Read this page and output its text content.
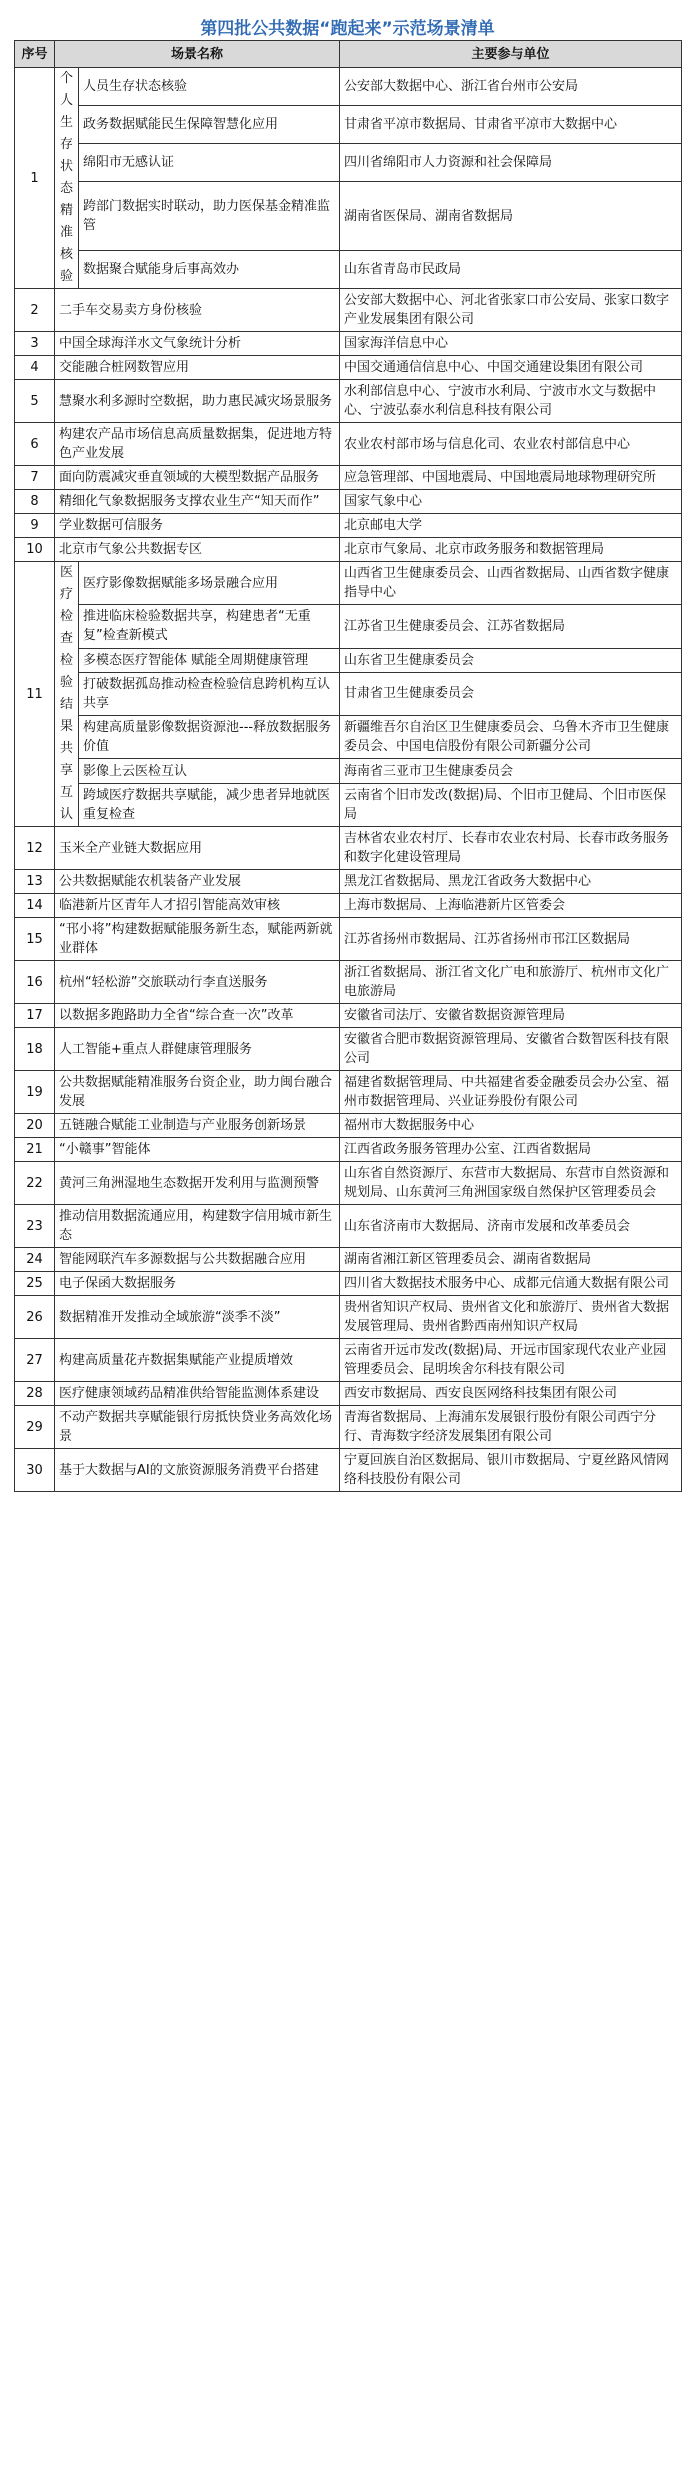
第四批公共数据“跑起来”示范场景清单
序号	场景名称		主要参与单位
1	个人生存状态精准核验	人员生存状态核验	公安部大数据中心、浙江省台州市公安局
		政务数据赋能民生保障智慧化应用	甘肃省平凉市数据局、甘肃省平凉市大数据中心
		绵阳市无感认证	四川省绵阳市人力资源和社会保障局
		跨部门数据实时联动，助力医保基金精准监管	湖南省医保局、湖南省数据局
		数据聚合赋能身后事高效办	山东省青岛市民政局
2	二手车交易卖方身份核验		公安部大数据中心、河北省张家口市公安局、张家口数字产业发展集团有限公司
3	中国全球海洋水文气象统计分析		国家海洋信息中心
4	交能融合桩网数智应用		中国交通通信信息中心、中国交通建设集团有限公司
5	慧聚水利多源时空数据，助力惠民减灾场景服务		水利部信息中心、宁波市水利局、宁波市水文与数据中心、宁波弘泰水利信息科技有限公司
6	构建农产品市场信息高质量数据集，促进地方特色产业发展		农业农村部市场与信息化司、农业农村部信息中心
7	面向防震减灾垂直领域的大模型数据产品服务		应急管理部、中国地震局、中国地震局地球物理研究所
8	精细化气象数据服务支撑农业生产“知天而作”		国家气象中心
9	学业数据可信服务		北京邮电大学
10	北京市气象公共数据专区		北京市气象局、北京市政务服务和数据管理局
11	医疗检查检验结果共享互认	医疗影像数据赋能多场景融合应用	山西省卫生健康委员会、山西省数据局、山西省数字健康指导中心
		推进临床检验数据共享，构建患者“无重复”检查新模式	江苏省卫生健康委员会、江苏省数据局
		多模态医疗智能体 赋能全周期健康管理	山东省卫生健康委员会
		打破数据孤岛推动检查检验信息跨机构互认共享	甘肃省卫生健康委员会
		构建高质量影像数据资源池---释放数据服务价值	新疆维吾尔自治区卫生健康委员会、乌鲁木齐市卫生健康委员会、中国电信股份有限公司新疆分公司
		影像上云医检互认	海南省三亚市卫生健康委员会
		跨域医疗数据共享赋能，减少患者异地就医重复检查	云南省个旧市发改(数据)局、个旧市卫健局、个旧市医保局
12	玉米全产业链大数据应用		吉林省农业农村厅、长春市农业农村局、长春市政务服务和数字化建设管理局
13	公共数据赋能农机装备产业发展		黑龙江省数据局、黑龙江省政务大数据中心
14	临港新片区青年人才招引智能高效审核		上海市数据局、上海临港新片区管委会
15	“邗小将”构建数据赋能服务新生态，赋能两新就业群体		江苏省扬州市数据局、江苏省扬州市邗江区数据局
16	杭州“轻松游”交旅联动行李直送服务		浙江省数据局、浙江省文化广电和旅游厅、杭州市文化广电旅游局
17	以数据多跑路助力全省“综合查一次”改革		安徽省司法厅、安徽省数据资源管理局
18	人工智能+重点人群健康管理服务		安徽省合肥市数据资源管理局、安徽省合数智医科技有限公司
19	公共数据赋能精准服务台资企业，助力闽台融合发展		福建省数据管理局、中共福建省委金融委员会办公室、福州市数据管理局、兴业证券股份有限公司
20	五链融合赋能工业制造与产业服务创新场景		福州市大数据服务中心
21	“小赣事”智能体		江西省政务服务管理办公室、江西省数据局
22	黄河三角洲湿地生态数据开发利用与监测预警		山东省自然资源厅、东营市大数据局、东营市自然资源和规划局、山东黄河三角洲国家级自然保护区管理委员会
23	推动信用数据流通应用，构建数字信用城市新生态		山东省济南市大数据局、济南市发展和改革委员会
24	智能网联汽车多源数据与公共数据融合应用		湖南省湘江新区管理委员会、湖南省数据局
25	电子保函大数据服务		四川省大数据技术服务中心、成都元信通大数据有限公司
26	数据精准开发推动全域旅游“淡季不淡”		贵州省知识产权局、贵州省文化和旅游厅、贵州省大数据发展管理局、贵州省黔西南州知识产权局
27	构建高质量花卉数据集赋能产业提质增效		云南省开远市发改(数据)局、开远市国家现代农业产业园管理委员会、昆明埃舍尔科技有限公司
28	医疗健康领域药品精准供给智能监测体系建设		西安市数据局、西安良医网络科技集团有限公司
29	不动产数据共享赋能银行房抵快贷业务高效化场景		青海省数据局、上海浦东发展银行股份有限公司西宁分行、青海数字经济发展集团有限公司
30	基于大数据与AI的文旅资源服务消费平台搭建		宁夏回族自治区数据局、银川市数据局、宁夏丝路风情网络科技股份有限公司
